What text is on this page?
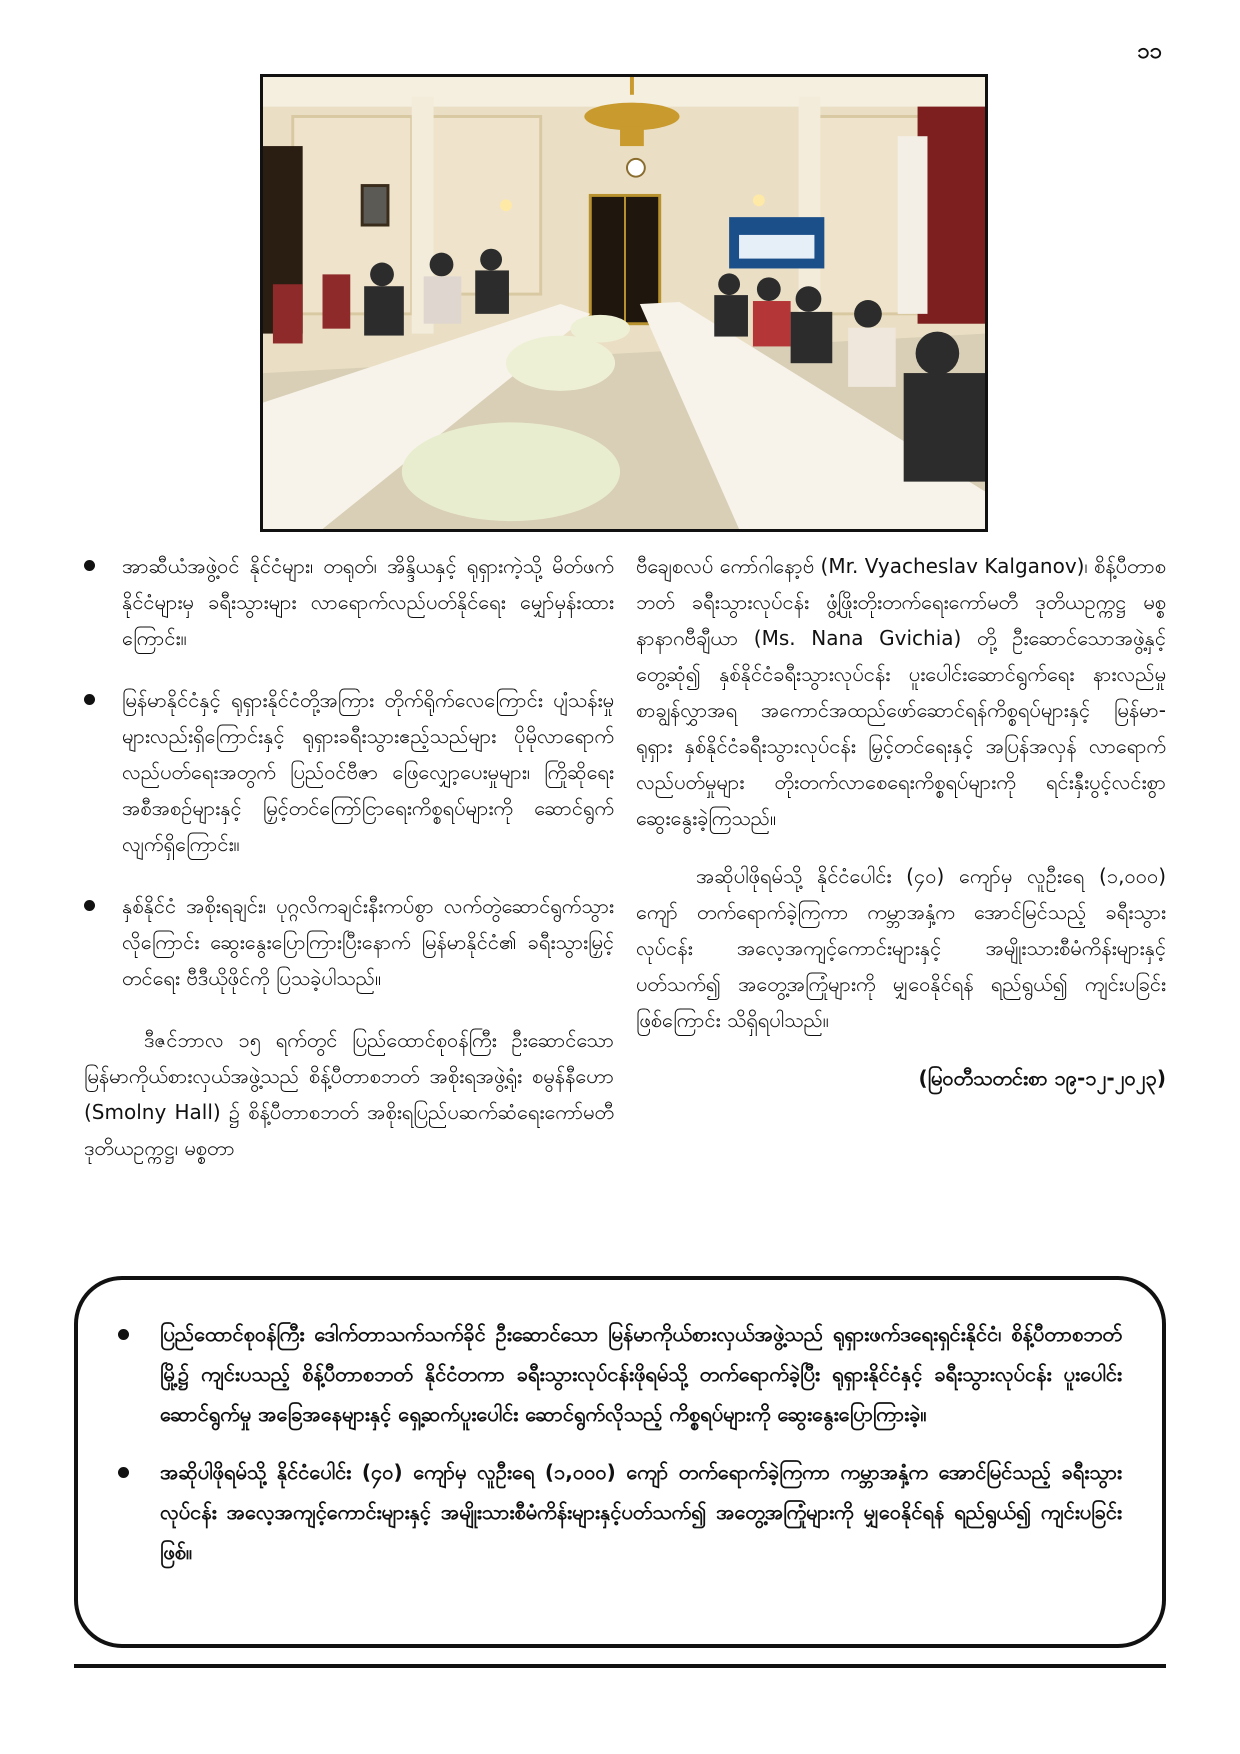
၁၁
အာဆီယံအဖွဲ့ဝင် နိုင်ငံများ၊ တရုတ်၊ အိန္ဒိယနှင့် ရုရှားကဲ့သို့ မိတ်ဖက်နိုင်ငံများမှ ခရီးသွားများ လာရောက်လည်ပတ်နိုင်ရေး မျှော်မှန်းထားကြောင်း။
မြန်မာနိုင်ငံနှင့် ရုရှားနိုင်ငံတို့အကြား တိုက်ရိုက်လေကြောင်း ပျံသန်းမှုများလည်းရှိကြောင်းနှင့် ရုရှားခရီးသွားဧည့်သည်များ ပိုမိုလာရောက်လည်ပတ်ရေးအတွက် ပြည်ဝင်ဗီဇာ ဖြေလျှော့ပေးမှုများ၊ ကြိုဆိုရေးအစီအစဉ်များနှင့် မြှင့်တင်ကြော်ငြာရေးကိစ္စရပ်များကို ဆောင်ရွက်လျက်ရှိကြောင်း။
နှစ်နိုင်ငံ အစိုးရချင်း၊ ပုဂ္ဂလိကချင်းနီးကပ်စွာ လက်တွဲဆောင်ရွက်သွားလိုကြောင်း ဆွေးနွေးပြောကြားပြီးနောက် မြန်မာနိုင်ငံ၏ ခရီးသွားမြှင့်တင်ရေး ဗီဒီယိုဖိုင်ကို ပြသခဲ့ပါသည်။

ဒီဇင်ဘာလ ၁၅ ရက်တွင် ပြည်ထောင်စုဝန်ကြီး ဦးဆောင်သော မြန်မာကိုယ်စားလှယ်အဖွဲ့သည် စိန့်ပီတာစဘတ် အစိုးရအဖွဲ့ရုံး စမွန်နီဟော (Smolny Hall) ၌ စိန့်ပီတာစဘတ် အစိုးရပြည်ပဆက်ဆံရေးကော်မတီ ဒုတိယဥက္ကဋ္ဌ၊ မစ္စတာ

ဗီချေစလပ် ကော်ဂါနော့ဗ် (Mr. Vyacheslav Kalganov)၊ စိန့်ပီတာစဘတ် ခရီးသွားလုပ်ငန်း ဖွံ့ဖြိုးတိုးတက်ရေးကော်မတီ ဒုတိယဥက္ကဋ္ဌ မစ္စ နာနာဂဗီချီယာ (Ms. Nana Gvichia) တို့ ဦးဆောင်သောအဖွဲ့နှင့် တွေ့ဆုံ၍ နှစ်နိုင်ငံခရီးသွားလုပ်ငန်း ပူးပေါင်းဆောင်ရွက်ရေး နားလည်မှုစာချွန်လွှာအရ အကောင်အထည်ဖော်ဆောင်ရန်ကိစ္စရပ်များနှင့် မြန်မာ-ရုရှား နှစ်နိုင်ငံခရီးသွားလုပ်ငန်း မြှင့်တင်ရေးနှင့် အပြန်အလှန် လာရောက်လည်ပတ်မှုများ တိုးတက်လာစေရေးကိစ္စရပ်များကို ရင်းနှီးပွင့်လင်းစွာ ဆွေးနွေးခဲ့ကြသည်။

အဆိုပါဖိုရမ်သို့ နိုင်ငံပေါင်း (၄၀) ကျော်မှ လူဦးရေ (၁,၀၀၀) ကျော် တက်ရောက်ခဲ့ကြကာ ကမ္ဘာအနှံ့က အောင်မြင်သည့် ခရီးသွားလုပ်ငန်း အလေ့အကျင့်ကောင်းများနှင့် အမျိုးသားစီမံကိန်းများနှင့်ပတ်သက်၍ အတွေ့အကြုံများကို မျှဝေနိုင်ရန် ရည်ရွယ်၍ ကျင်းပခြင်းဖြစ်ကြောင်း သိရှိရပါသည်။

(မြဝတီသတင်းစာ ၁၉-၁၂-၂၀၂၃)
ပြည်ထောင်စုဝန်ကြီး ဒေါက်တာသက်သက်ခိုင် ဦးဆောင်သော မြန်မာကိုယ်စားလှယ်အဖွဲ့သည် ရုရှားဖက်ဒရေးရှင်းနိုင်ငံ၊ စိန့်ပီတာစဘတ်မြို့၌ ကျင်းပသည့် စိန့်ပီတာစဘတ် နိုင်ငံတကာ ခရီးသွားလုပ်ငန်းဖိုရမ်သို့ တက်ရောက်ခဲ့ပြီး ရုရှားနိုင်ငံနှင့် ခရီးသွားလုပ်ငန်း ပူးပေါင်းဆောင်ရွက်မှု အခြေအနေများနှင့် ရှေ့ဆက်ပူးပေါင်း ဆောင်ရွက်လိုသည့် ကိစ္စရပ်များကို ဆွေးနွေးပြောကြားခဲ့။
အဆိုပါဖိုရမ်သို့ နိုင်ငံပေါင်း (၄၀) ကျော်မှ လူဦးရေ (၁,၀၀၀) ကျော် တက်ရောက်ခဲ့ကြကာ ကမ္ဘာအနှံ့က အောင်မြင်သည့် ခရီးသွားလုပ်ငန်း အလေ့အကျင့်ကောင်းများနှင့် အမျိုးသားစီမံကိန်းများနှင့်ပတ်သက်၍ အတွေ့အကြုံများကို မျှဝေနိုင်ရန် ရည်ရွယ်၍ ကျင်းပခြင်းဖြစ်။
